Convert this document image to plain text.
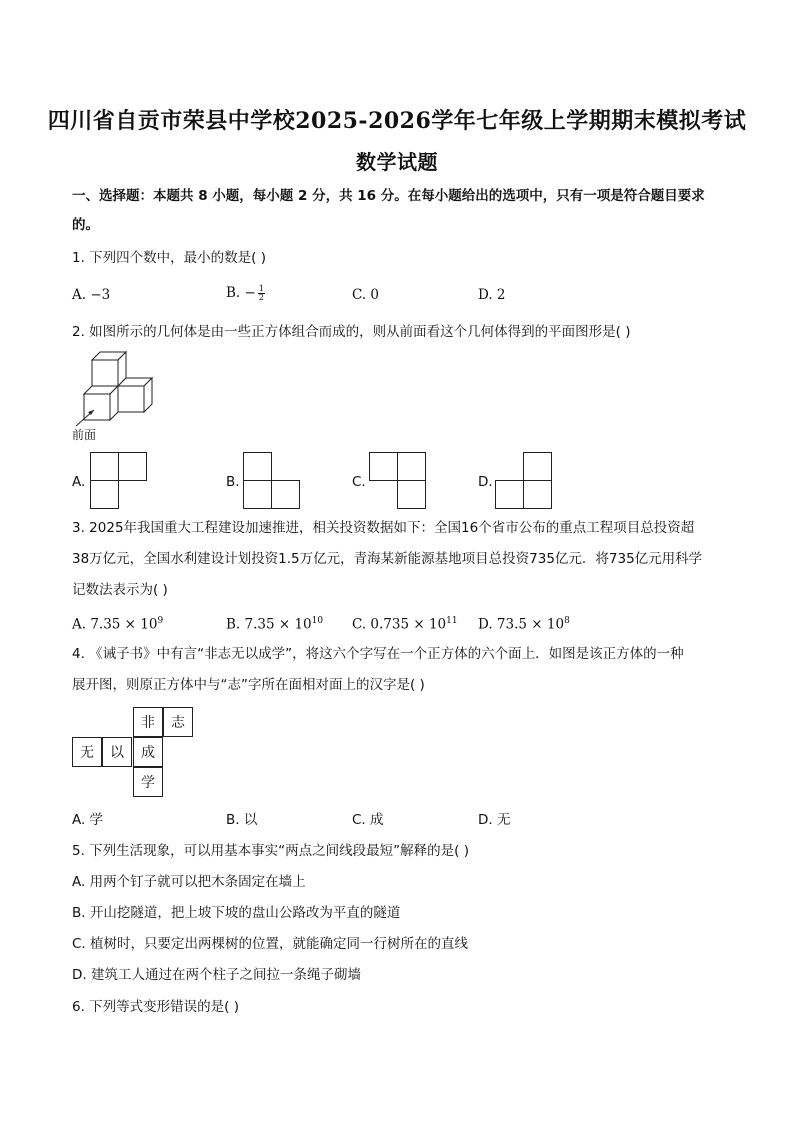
四川省自贡市荣县中学校2025-2026学年七年级上学期期末模拟考试
数学试题
一、选择题：本题共 8 小题，每小题 2 分，共 16 分。在每小题给出的选项中，只有一项是符合题目要求
的。
1. 下列四个数中，最小的数是( )
A. −3	B. − $\frac{1}{2}$	C. 0	D. 2
2. 如图所示的几何体是由一些正方体组合而成的，则从前面看这个几何体得到的平面图形是( )
前面
A.	B.	C.	D.
3. 2025年我国重大工程建设加速推进，相关投资数据如下：全国16个省市公布的重点工程项目总投资超
38万亿元，全国水利建设计划投资1.5万亿元，青海某新能源基地项目总投资735亿元．将735亿元用科学
记数法表示为( )
A. $7.35 \times 10^9$	B. $7.35 \times 10^{10}$ C. $0.735 \times 10^{11}$ D. $73.5 \times 10^8$
4. 《诫子书》中有言“非志无以成学”，将这六个字写在一个正方体的六个面上．如图是该正方体的一种
展开图，则原正方体中与“志”字所在面相对面上的汉字是( )
非	志
无	以	成
学
A. 学	B. 以	C. 成	D. 无
5. 下列生活现象，可以用基本事实“两点之间线段最短”解释的是( )
A. 用两个钉子就可以把木条固定在墙上
B. 开山挖隧道，把上坡下坡的盘山公路改为平直的隧道
C. 植树时，只要定出两棵树的位置，就能确定同一行树所在的直线
D. 建筑工人通过在两个柱子之间拉一条绳子砌墙
6. 下列等式变形错误的是( )
